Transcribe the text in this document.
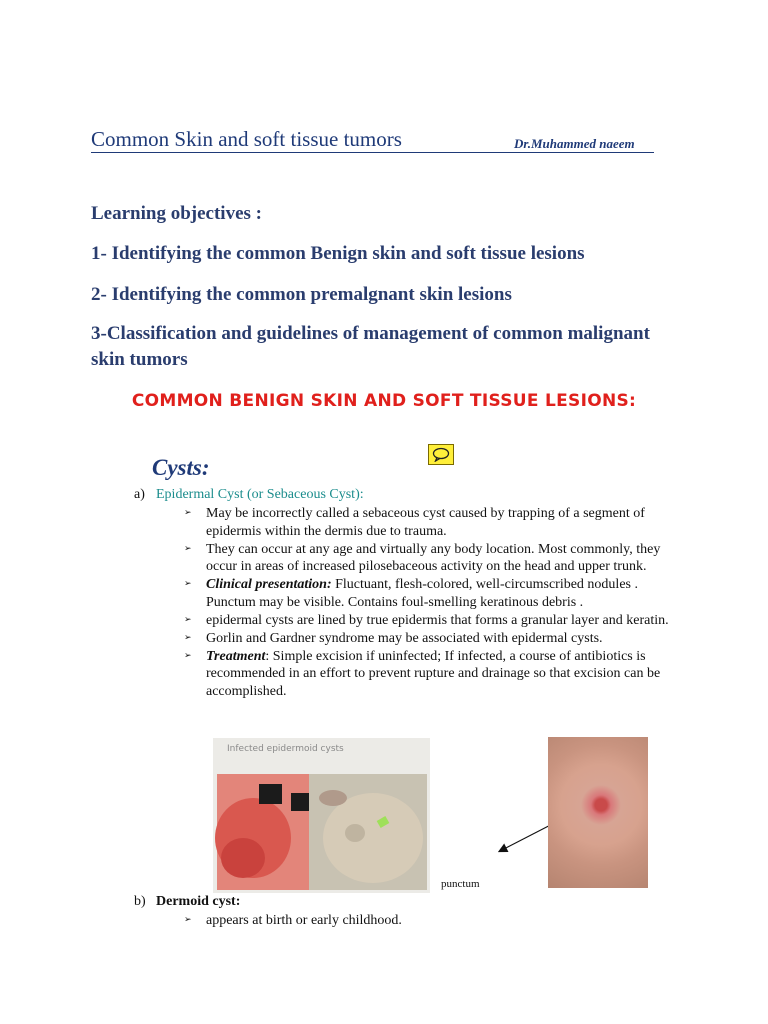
Common Skin and soft tissue tumors	Dr.Muhammed naeem
Learning objectives :
1- Identifying the common Benign skin and soft tissue lesions
2- Identifying the common premalgnant skin lesions
3-Classification and guidelines of management of common malignant skin tumors
COMMON BENIGN SKIN AND SOFT TISSUE LESIONS:
Cysts:
a) Epidermal Cyst (or Sebaceous Cyst):
➢ May be incorrectly called a sebaceous cyst caused by trapping of a segment of epidermis within the dermis due to trauma.
➢ They can occur at any age and virtually any body location. Most commonly, they occur in areas of increased pilosebaceous activity on the head and upper trunk.
➢ Clinical presentation: Fluctuant, flesh-colored, well-circumscribed nodules . Punctum may be visible. Contains foul-smelling keratinous debris .
➢ epidermal cysts are lined by true epidermis that forms a granular layer and keratin.
➢ Gorlin and Gardner syndrome may be associated with epidermal cysts.
➢ Treatment: Simple excision if uninfected; If infected, a course of antibiotics is recommended in an effort to prevent rupture and drainage so that excision can be accomplished.
Infected epidermoid cysts
punctum
b) Dermoid cyst:
➢ appears at birth or early childhood.
